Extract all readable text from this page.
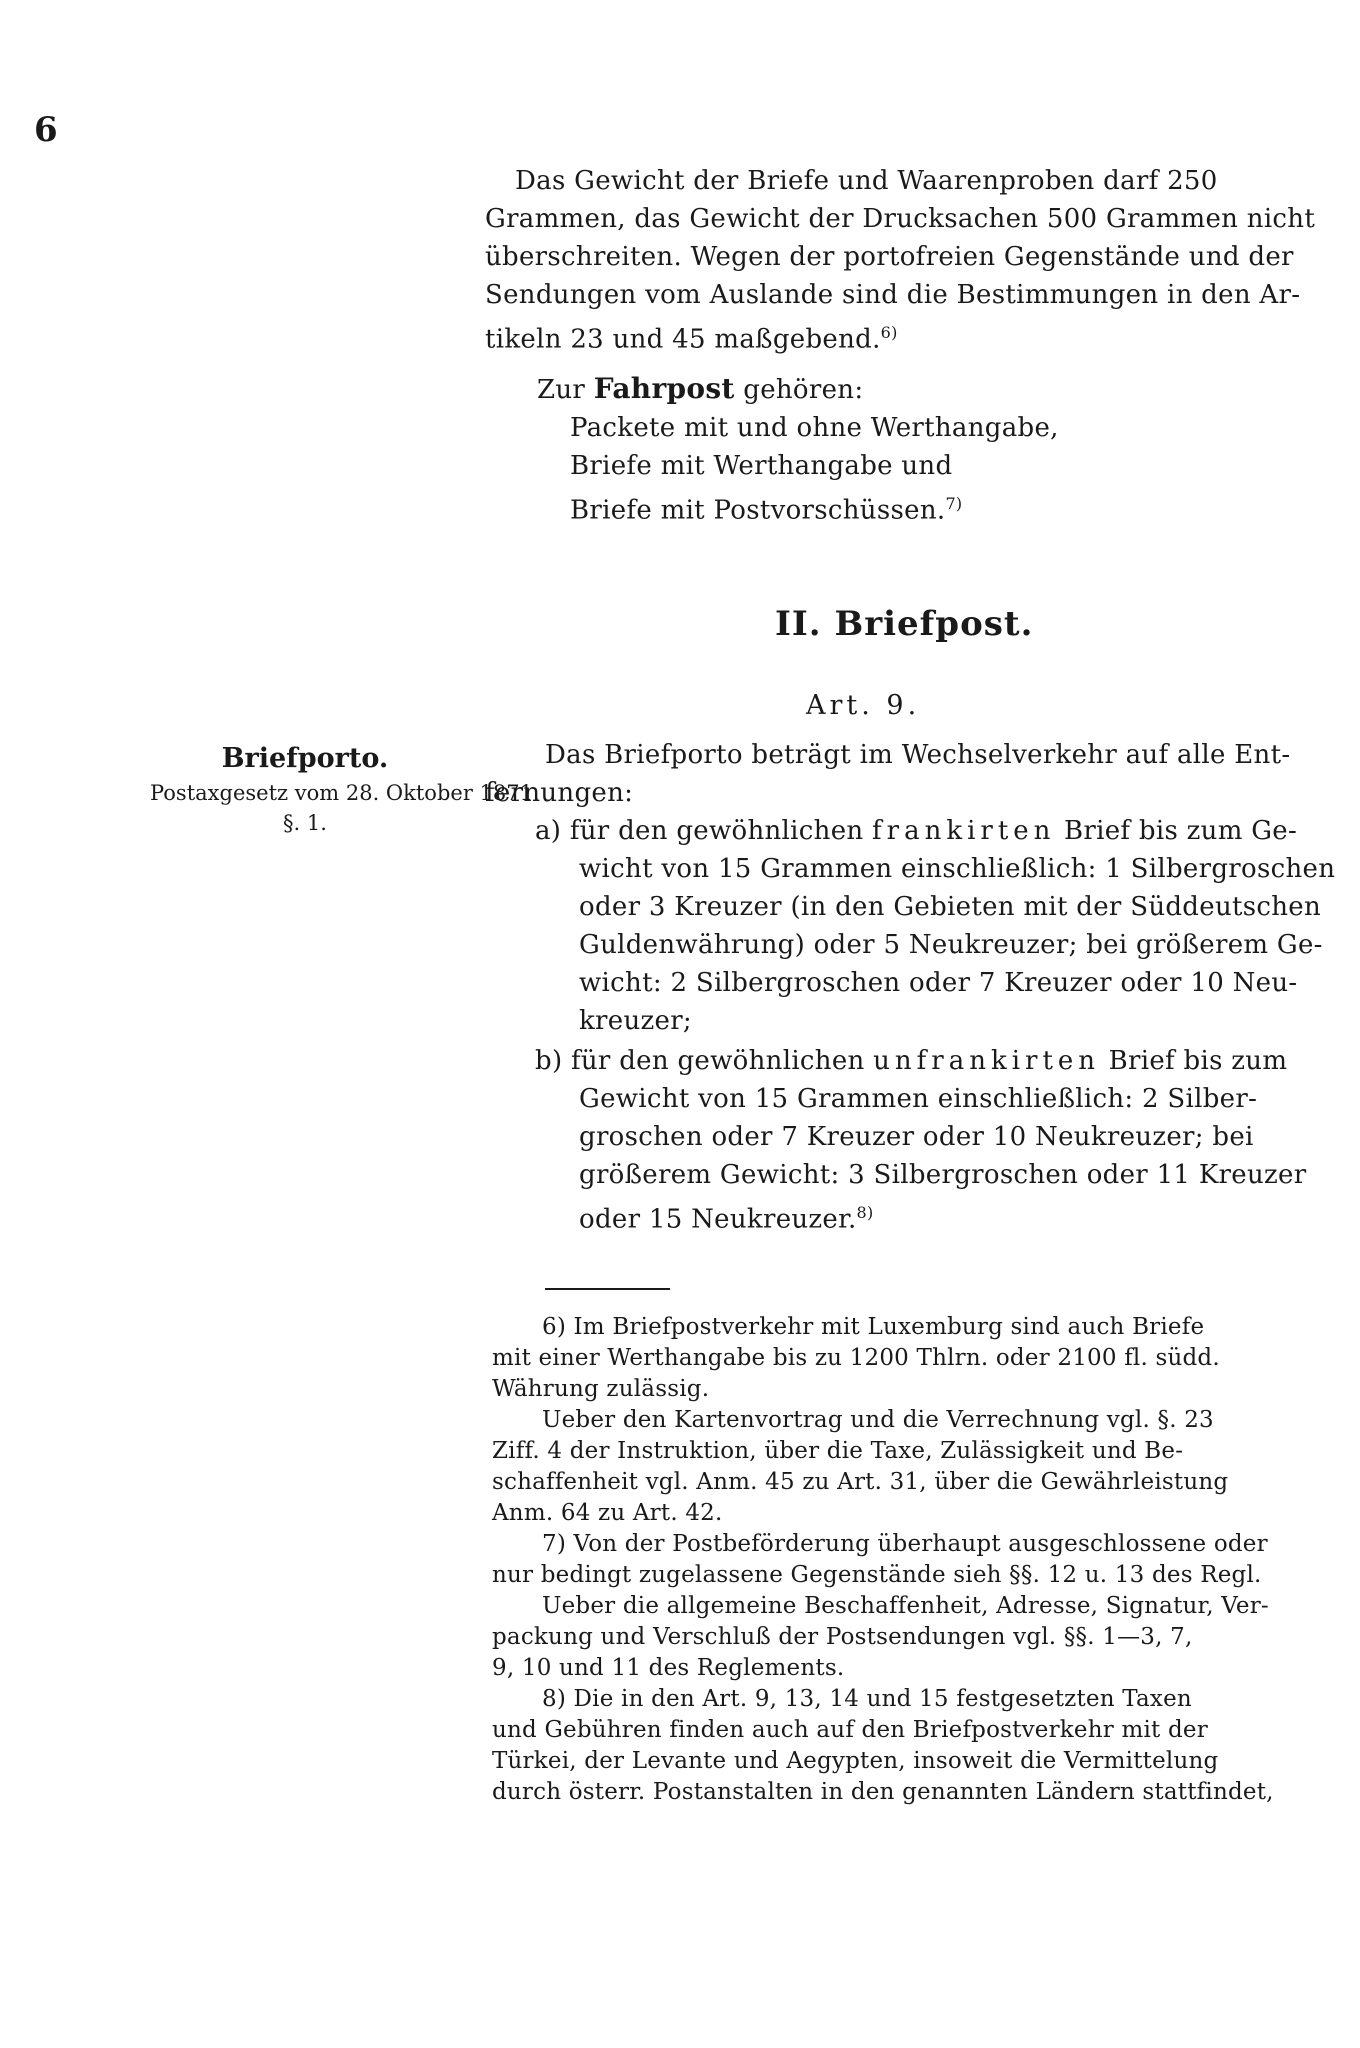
6
Das Gewicht der Briefe und Waarenproben darf 250
Grammen, das Gewicht der Drucksachen 500 Grammen nicht
überschreiten. Wegen der portofreien Gegenstände und der
Sendungen vom Auslande sind die Bestimmungen in den Ar-
tikeln 23 und 45 maßgebend.$^{6)}$
Zur Fahrpost gehören:
Packete mit und ohne Werthangabe,
Briefe mit Werthangabe und
Briefe mit Postvorschüssen.$^{7)}$
II. Briefpost.
Art. 9.
Briefporto.
Postaxgesetz vom 28. Oktober 1871.
§. 1.
Das Briefporto beträgt im Wechselverkehr auf alle Ent-
fernungen:
a) für den gewöhnlichen frankirten Brief bis zum Ge-
wicht von 15 Grammen einschließlich: 1 Silbergroschen
oder 3 Kreuzer (in den Gebieten mit der Süddeutschen
Guldenwährung) oder 5 Neukreuzer; bei größerem Ge-
wicht: 2 Silbergroschen oder 7 Kreuzer oder 10 Neu-
kreuzer;
b) für den gewöhnlichen unfrankirten Brief bis zum
Gewicht von 15 Grammen einschließlich: 2 Silber-
groschen oder 7 Kreuzer oder 10 Neukreuzer; bei
größerem Gewicht: 3 Silbergroschen oder 11 Kreuzer
oder 15 Neukreuzer.$^{8)}$
6) Im Briefpostverkehr mit Luxemburg sind auch Briefe
mit einer Werthangabe bis zu 1200 Thlrn. oder 2100 fl. südd.
Währung zulässig.
Ueber den Kartenvortrag und die Verrechnung vgl. §. 23
Ziff. 4 der Instruktion, über die Taxe, Zulässigkeit und Be-
schaffenheit vgl. Anm. 45 zu Art. 31, über die Gewährleistung
Anm. 64 zu Art. 42.
7) Von der Postbeförderung überhaupt ausgeschlossene oder
nur bedingt zugelassene Gegenstände sieh §§. 12 u. 13 des Regl.
Ueber die allgemeine Beschaffenheit, Adresse, Signatur, Ver-
packung und Verschluß der Postsendungen vgl. §§. 1—3, 7,
9, 10 und 11 des Reglements.
8) Die in den Art. 9, 13, 14 und 15 festgesetzten Taxen
und Gebühren finden auch auf den Briefpostverkehr mit der
Türkei, der Levante und Aegypten, insoweit die Vermittelung
durch österr. Postanstalten in den genannten Ländern stattfindet,
